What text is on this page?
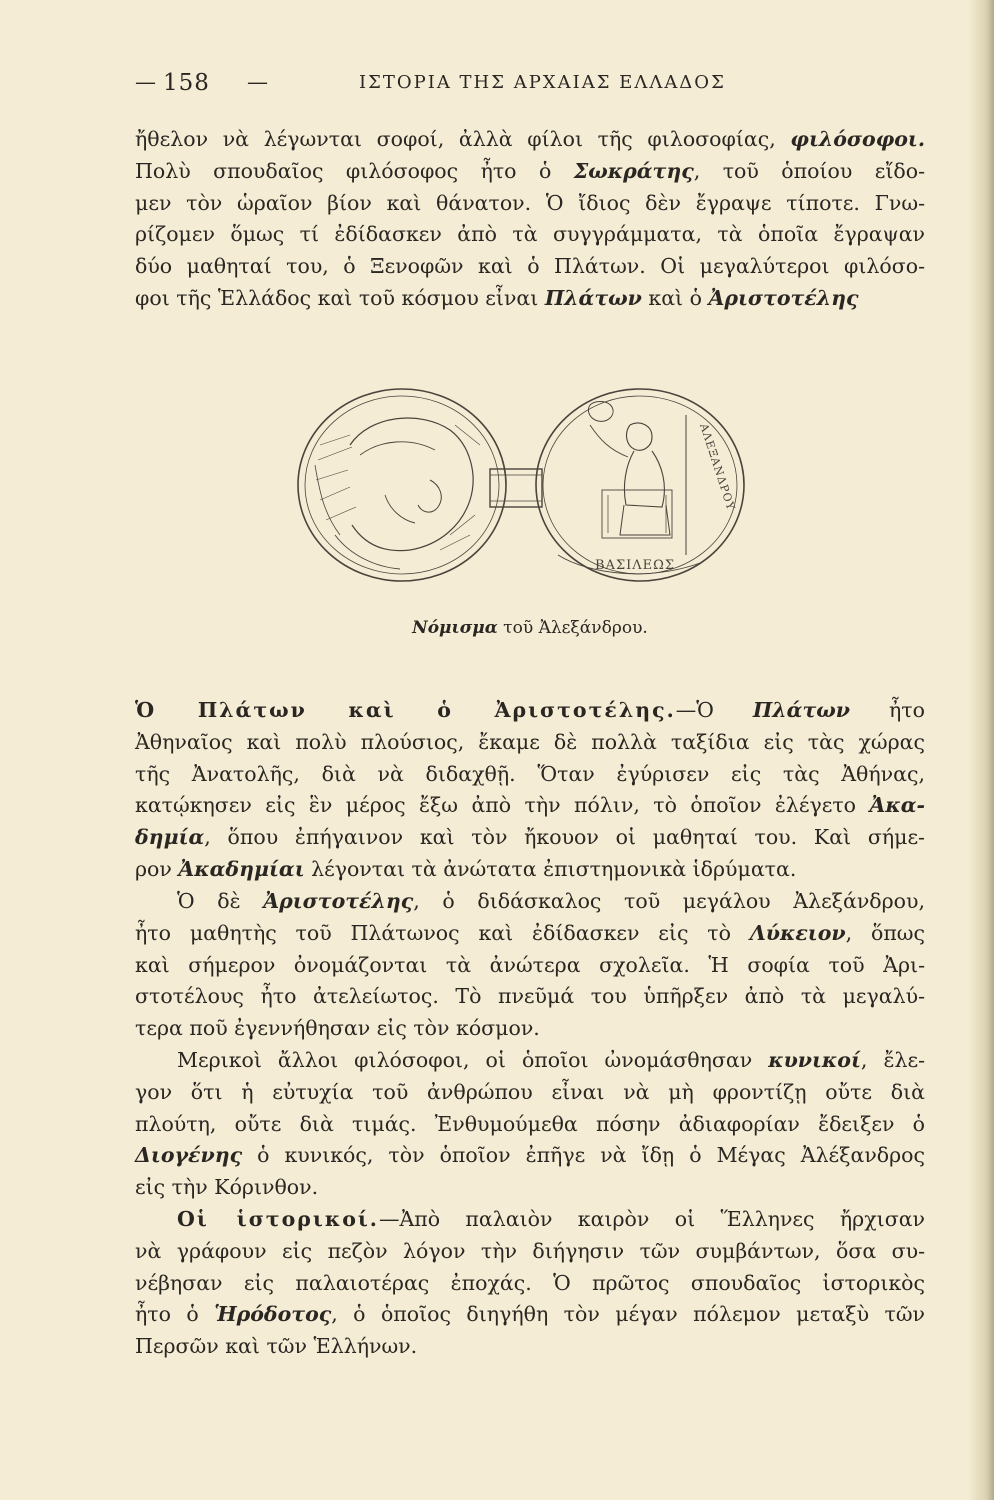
— 158 —	ΙΣΤΟΡΙΑ ΤΗΣ ΑΡΧΑΙΑΣ ΕΛΛΑΔΟΣ
ἤθελον νὰ λέγωνται σοφοί, ἀλλὰ φίλοι τῆς φιλοσοφίας, φιλόσοφοι.
Πολὺ σπουδαῖος φιλόσοφος ἦτο ὁ Σωκράτης, τοῦ ὁποίου εἴδο-
μεν τὸν ὡραῖον βίον καὶ θάνατον. Ὁ ἴδιος δὲν ἔγραψε τίποτε. Γνω-
ρίζομεν ὅμως τί ἐδίδασκεν ἀπὸ τὰ συγγράμματα, τὰ ὁποῖα ἔγραψαν
δύο μαθηταί του, ὁ Ξενοφῶν καὶ ὁ Πλάτων. Οἱ μεγαλύτεροι φιλόσο-
φοι τῆς Ἑλλάδος καὶ τοῦ κόσμου εἶναι Πλάτων καὶ ὁ Ἀριστοτέλης
ΑΛΕΞΑΝΔΡΟΥ
ΒΑΣΙΛΕΩΣ
Νόμισμα τοῦ Ἀλεξάνδρου.
Ὁ Πλάτων καὶ ὁ Ἀριστοτέλης.—Ὁ Πλάτων ἦτο
Ἀθηναῖος καὶ πολὺ πλούσιος, ἔκαμε δὲ πολλὰ ταξίδια εἰς τὰς χώρας
τῆς Ἀνατολῆς, διὰ νὰ διδαχθῇ. Ὅταν ἐγύρισεν εἰς τὰς Ἀθήνας,
κατῴκησεν εἰς ἓν μέρος ἔξω ἀπὸ τὴν πόλιν, τὸ ὁποῖον ἐλέγετο Ἀκα-
δημία, ὅπου ἐπήγαινον καὶ τὸν ἤκουον οἱ μαθηταί του. Καὶ σήμε-
ρον Ἀκαδημίαι λέγονται τὰ ἀνώτατα ἐπιστημονικὰ ἱδρύματα.
Ὁ δὲ Ἀριστοτέλης, ὁ διδάσκαλος τοῦ μεγάλου Ἀλεξάνδρου,
ἦτο μαθητὴς τοῦ Πλάτωνος καὶ ἐδίδασκεν εἰς τὸ Λύκειον, ὅπως
καὶ σήμερον ὀνομάζονται τὰ ἀνώτερα σχολεῖα. Ἡ σοφία τοῦ Ἀρι-
στοτέλους ἦτο ἀτελείωτος. Τὸ πνεῦμά του ὑπῆρξεν ἀπὸ τὰ μεγαλύ-
τερα ποῦ ἐγεννήθησαν εἰς τὸν κόσμον.
Μερικοὶ ἄλλοι φιλόσοφοι, οἱ ὁποῖοι ὠνομάσθησαν κυνικοί, ἔλε-
γον ὅτι ἡ εὐτυχία τοῦ ἀνθρώπου εἶναι νὰ μὴ φροντίζῃ οὔτε διὰ
πλούτη, οὔτε διὰ τιμάς. Ἐνθυμούμεθα πόσην ἀδιαφορίαν ἔδειξεν ὁ
Διογένης ὁ κυνικός, τὸν ὁποῖον ἐπῆγε νὰ ἴδῃ ὁ Μέγας Ἀλέξανδρος
εἰς τὴν Κόρινθον.
Οἱ ἱστορικοί.—Ἀπὸ παλαιὸν καιρὸν οἱ Ἕλληνες ἤρχισαν
νὰ γράφουν εἰς πεζὸν λόγον τὴν διήγησιν τῶν συμβάντων, ὅσα συ-
νέβησαν εἰς παλαιοτέρας ἐποχάς. Ὁ πρῶτος σπουδαῖος ἱστορικὸς
ἦτο ὁ Ἡρόδοτος, ὁ ὁποῖος διηγήθη τὸν μέγαν πόλεμον μεταξὺ τῶν
Περσῶν καὶ τῶν Ἑλλήνων.
